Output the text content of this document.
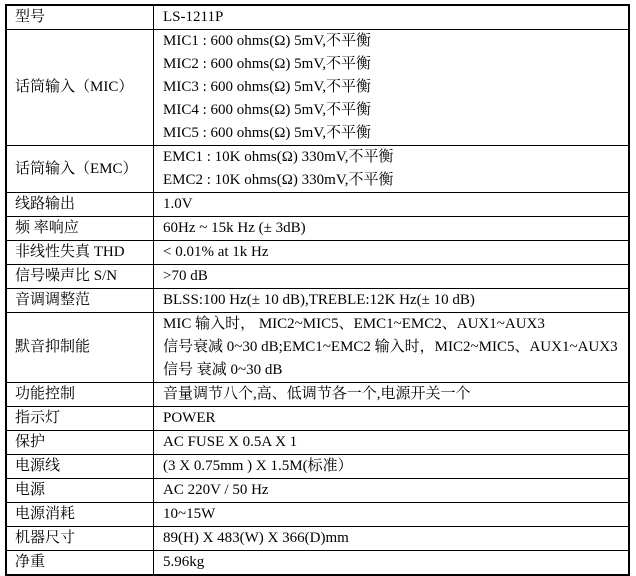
型号	LS-1211P

话筒输入（MIC）	MIC1 : 600 ohms(Ω) 5mV,不平衡
MIC2 : 600 ohms(Ω) 5mV,不平衡
MIC3 : 600 ohms(Ω) 5mV,不平衡
MIC4 : 600 ohms(Ω) 5mV,不平衡
MIC5 : 600 ohms(Ω) 5mV,不平衡

话筒输入（EMC）	EMC1 : 10K ohms(Ω) 330mV,不平衡
EMC2 : 10K ohms(Ω) 330mV,不平衡

线路输出	1.0V

频 率响应	60Hz ~ 15k Hz (± 3dB)

非线性失真 THD	< 0.01% at 1k Hz

信号噪声比 S/N	>70 dB

音调调整范	BLSS:100 Hz(± 10 dB),TREBLE:12K Hz(± 10 dB)

默音抑制能	MIC 输入时， MIC2~MIC5、EMC1~EMC2、AUX1~AUX3
信号衰减 0~30 dB;EMC1~EMC2 输入时，MIC2~MIC5、AUX1~AUX3 信号 衰减 0~30 dB

功能控制	音量调节八个,高、低调节各一个,电源开关一个

指示灯	POWER

保护	AC FUSE X 0.5A X 1

电源线	(3 X 0.75mm ) X 1.5M(标准）

电源	AC 220V / 50 Hz

电源消耗	10~15W

机器尺寸	89(H) X 483(W) X 366(D)mm

净重	5.96kg
